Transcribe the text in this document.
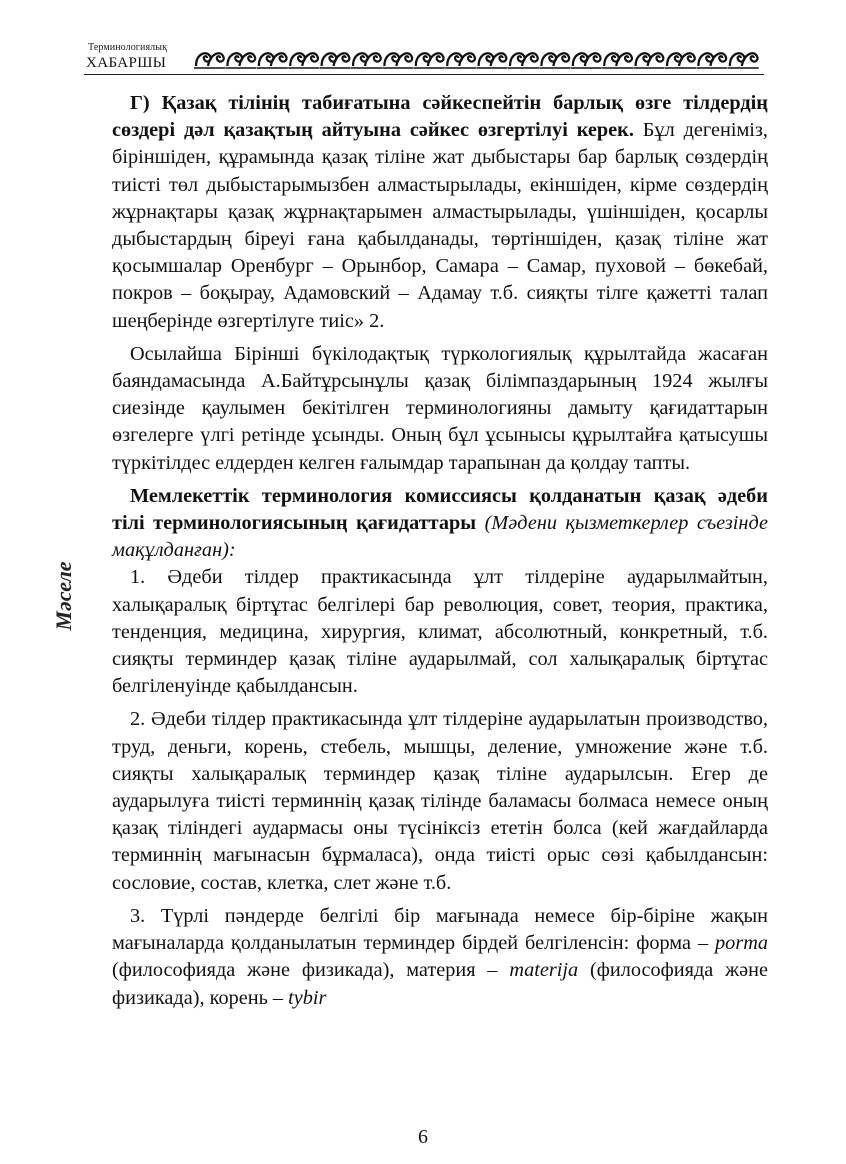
Терминологиялық
ХАБАРШЫ
Мәселе

Г) Қазақ тілінің табиғатына сәйкеспейтін барлық өзге тілдердің сөздері дәл қазақтың айтуына сәйкес өзгертілуі керек. Бұл дегеніміз, біріншіден, құрамында қазақ тіліне жат дыбыстары бар барлық сөздердің тиісті төл дыбыстарымызбен алмастырылады, екіншіден, кірме сөздердің жұрнақтары қазақ жұрнақтарымен алмастырылады, үшіншіден, қосарлы дыбыстардың біреуі ғана қабылданады, төртіншіден, қазақ тіліне жат қосымшалар Оренбург – Орынбор, Самара – Самар, пуховой – бөкебай, покров – боқырау, Адамовский – Адамау т.б. сияқты тілге қажетті талап шеңберінде өзгертілуге тиіс» 2.

Осылайша Бірінші бүкілодақтық түркологиялық құрылтайда жасаған баяндамасында А.Байтұрсынұлы қазақ білімпаздарының 1924 жылғы сиезінде қаулымен бекітілген терминологияны дамыту қағидаттарын өзгелерге үлгі ретінде ұсынды. Оның бұл ұсынысы құрылтайға қатысушы түркітілдес елдерден келген ғалымдар тарапынан да қолдау тапты.

Мемлекеттік терминология комиссиясы қолданатын қазақ әдеби тілі терминологиясының қағидаттары (Мәдени қызметкерлер съезінде мақұлданған):

1. Әдеби тілдер практикасында ұлт тілдеріне аударылмайтын, халықаралық біртұтас белгілері бар революция, совет, теория, практика, тенденция, медицина, хирургия, климат, абсолютный, конкретный, т.б. сияқты терминдер қазақ тіліне аударылмай, сол халықаралық біртұтас белгіленуінде қабылдансын.

2. Әдеби тілдер практикасында ұлт тілдеріне аударылатын производство, труд, деньги, корень, стебель, мышцы, деление, умножение және т.б. сияқты халықаралық терминдер қазақ тіліне аударылсын. Егер де аударылуға тиісті терминнің қазақ тілінде баламасы болмаса немесе оның қазақ тіліндегі аудармасы оны түсініксіз ететін болса (кей жағдайларда терминнің мағынасын бұрмаласа), онда тиісті орыс сөзі қабылдансын: сословие, состав, клетка, слет және т.б.

3. Түрлі пәндерде белгілі бір мағынада немесе бір-біріне жақын мағыналарда қолданылатын терминдер бірдей белгіленсін: форма – porma (философияда және физикада), материя – materija (философияда және физикада), корень – tybir

6
